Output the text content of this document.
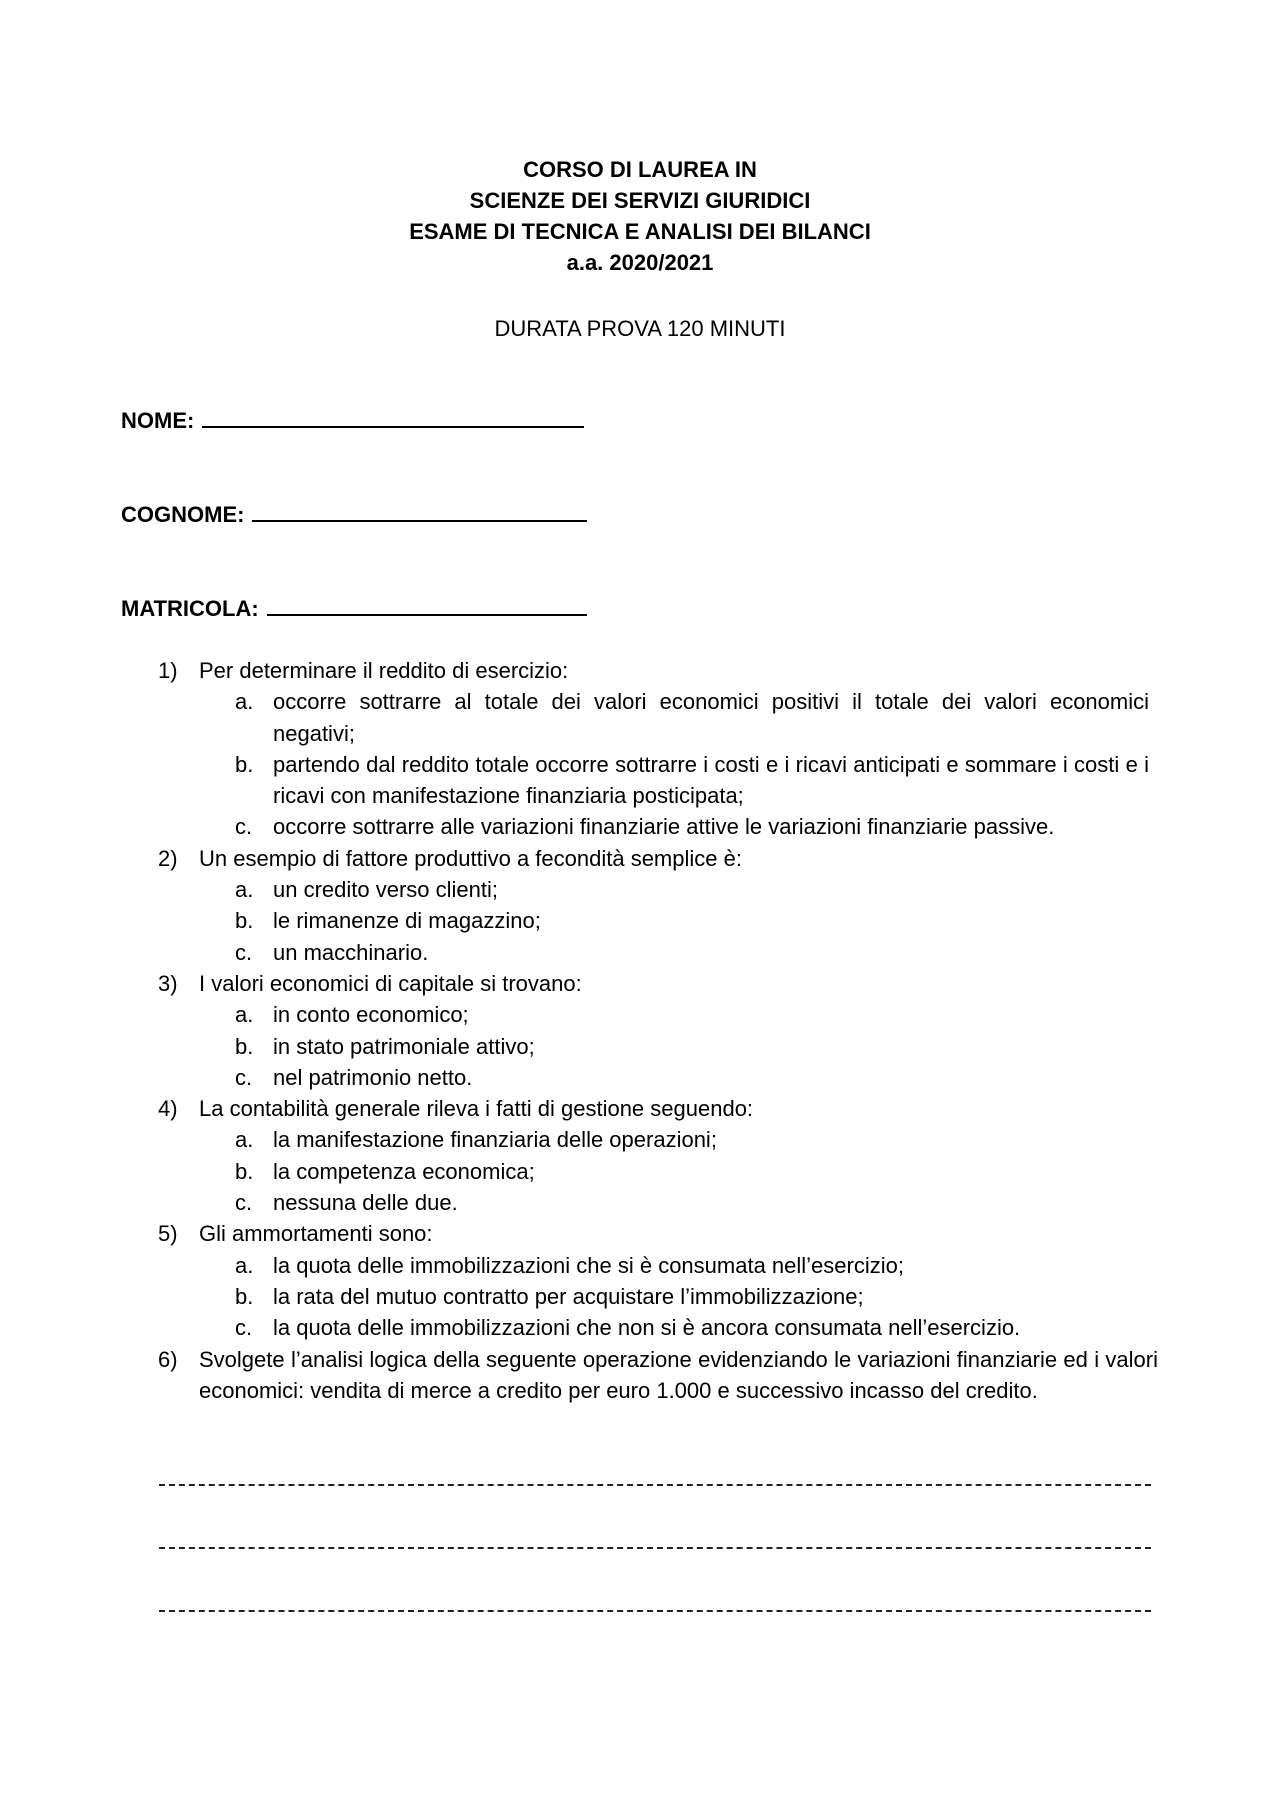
CORSO DI LAUREA IN
SCIENZE DEI SERVIZI GIURIDICI
ESAME DI TECNICA E ANALISI DEI BILANCI
a.a. 2020/2021
DURATA PROVA 120 MINUTI
NOME:
COGNOME:
MATRICOLA:
1) Per determinare il reddito di esercizio:
a. occorre sottrarre al totale dei valori economici positivi il totale dei valori economici negativi;
b. partendo dal reddito totale occorre sottrarre i costi e i ricavi anticipati e sommare i costi e i ricavi con manifestazione finanziaria posticipata;
c. occorre sottrarre alle variazioni finanziarie attive le variazioni finanziarie passive.
2) Un esempio di fattore produttivo a fecondità semplice è:
a. un credito verso clienti;
b. le rimanenze di magazzino;
c. un macchinario.
3) I valori economici di capitale si trovano:
a. in conto economico;
b. in stato patrimoniale attivo;
c. nel patrimonio netto.
4) La contabilità generale rileva i fatti di gestione seguendo:
a. la manifestazione finanziaria delle operazioni;
b. la competenza economica;
c. nessuna delle due.
5) Gli ammortamenti sono:
a. la quota delle immobilizzazioni che si è consumata nell’esercizio;
b. la rata del mutuo contratto per acquistare l’immobilizzazione;
c. la quota delle immobilizzazioni che non si è ancora consumata nell’esercizio.
6) Svolgete l’analisi logica della seguente operazione evidenziando le variazioni finanziarie ed i valori economici: vendita di merce a credito per euro 1.000 e successivo incasso del credito.
